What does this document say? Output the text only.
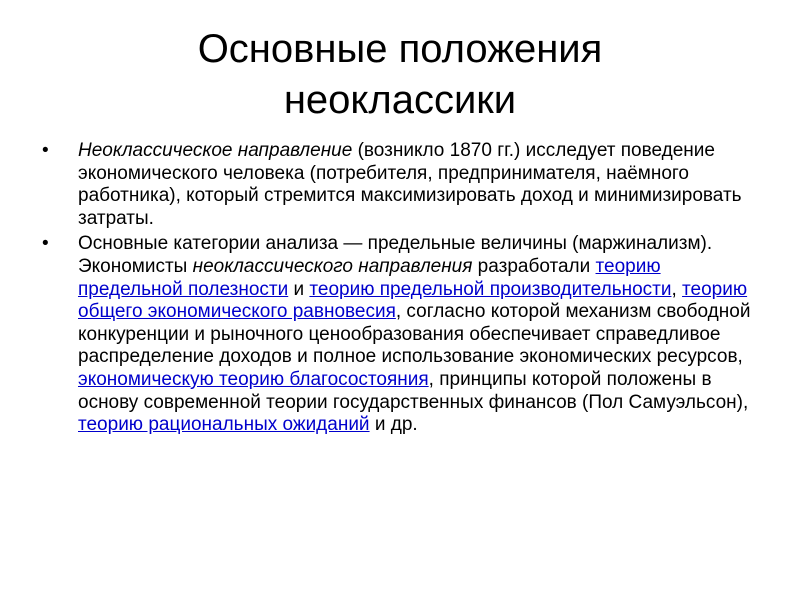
Основные положения
неоклассики
•	Неоклассическое направление (возникло 1870 гг.) исследует поведение экономического человека (потребителя, предпринимателя, наёмного работника), который стремится максимизировать доход и минимизировать затраты.
•	Основные категории анализа — предельные величины (маржинализм). Экономисты неоклассического направления разработали теорию предельной полезности и теорию предельной производительности, теорию общего экономического равновесия, согласно которой механизм свободной конкуренции и рыночного ценообразования обеспечивает справедливое распределение доходов и полное использование экономических ресурсов, экономическую теорию благосостояния, принципы которой положены в основу современной теории государственных финансов (Пол Самуэльсон), теорию рациональных ожиданий и др.
